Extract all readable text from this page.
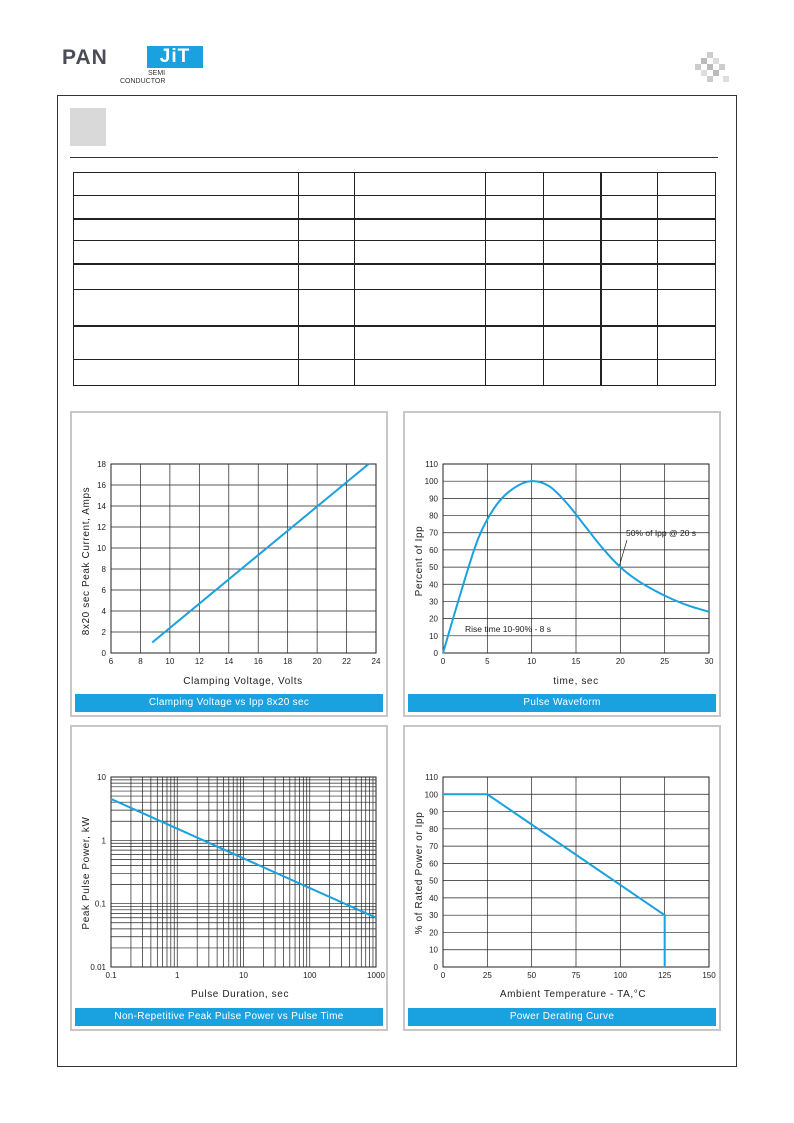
PAN	JiT
SEMI
CONDUCTOR

Clamping Voltage, Volts
8x20 sec Peak Current, Amps
6	8	10	12	14	16	18	20	22	24
0
2
4
6
8
10
12
14
16
18
Clamping Voltage vs Ipp 8x20 sec
0	5	10	15	20	25	30
0
10
20
30
40
50
60
70
80
90
100
110
time, sec
Percent of Ipp	50% of Ipp @ 20 s
Rise time 10-90% - 8 s
Pulse Waveform
Pulse Duration, sec
Peak Pulse Power, kW
0.1	1	10	100	1000
0.01
0.1
1
10
Non-Repetitive Peak Pulse Power vs Pulse Time
0	25	50	75	100	125	150
0
10
20
30
40
50
60
70
80
90
100
110
Ambient Temperature - TA,°C
% of Rated Power or Ipp
Power Derating Curve
